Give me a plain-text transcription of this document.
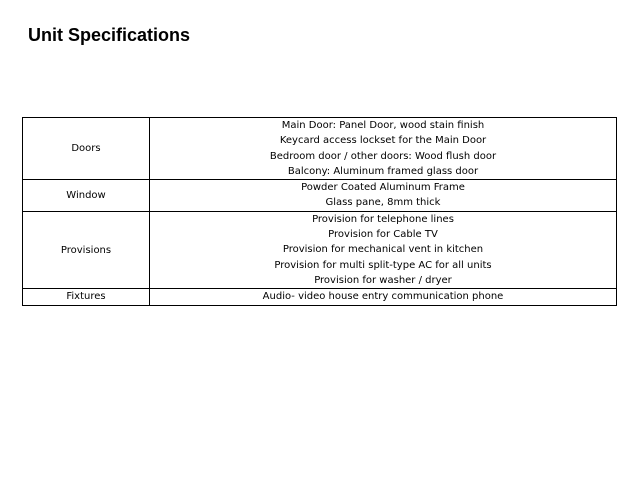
Unit Specifications
Doors	Main Door: Panel Door, wood stain finish
Keycard access lockset for the Main Door
Bedroom door / other doors: Wood flush door
Balcony: Aluminum framed glass door

Window	Powder Coated Aluminum Frame
Glass pane, 8mm thick

Provisions	Provision for telephone lines
Provision for Cable TV
Provision for mechanical vent in kitchen
Provision for multi split-type AC for all units
Provision for washer / dryer

Fixtures	Audio- video house entry communication phone
